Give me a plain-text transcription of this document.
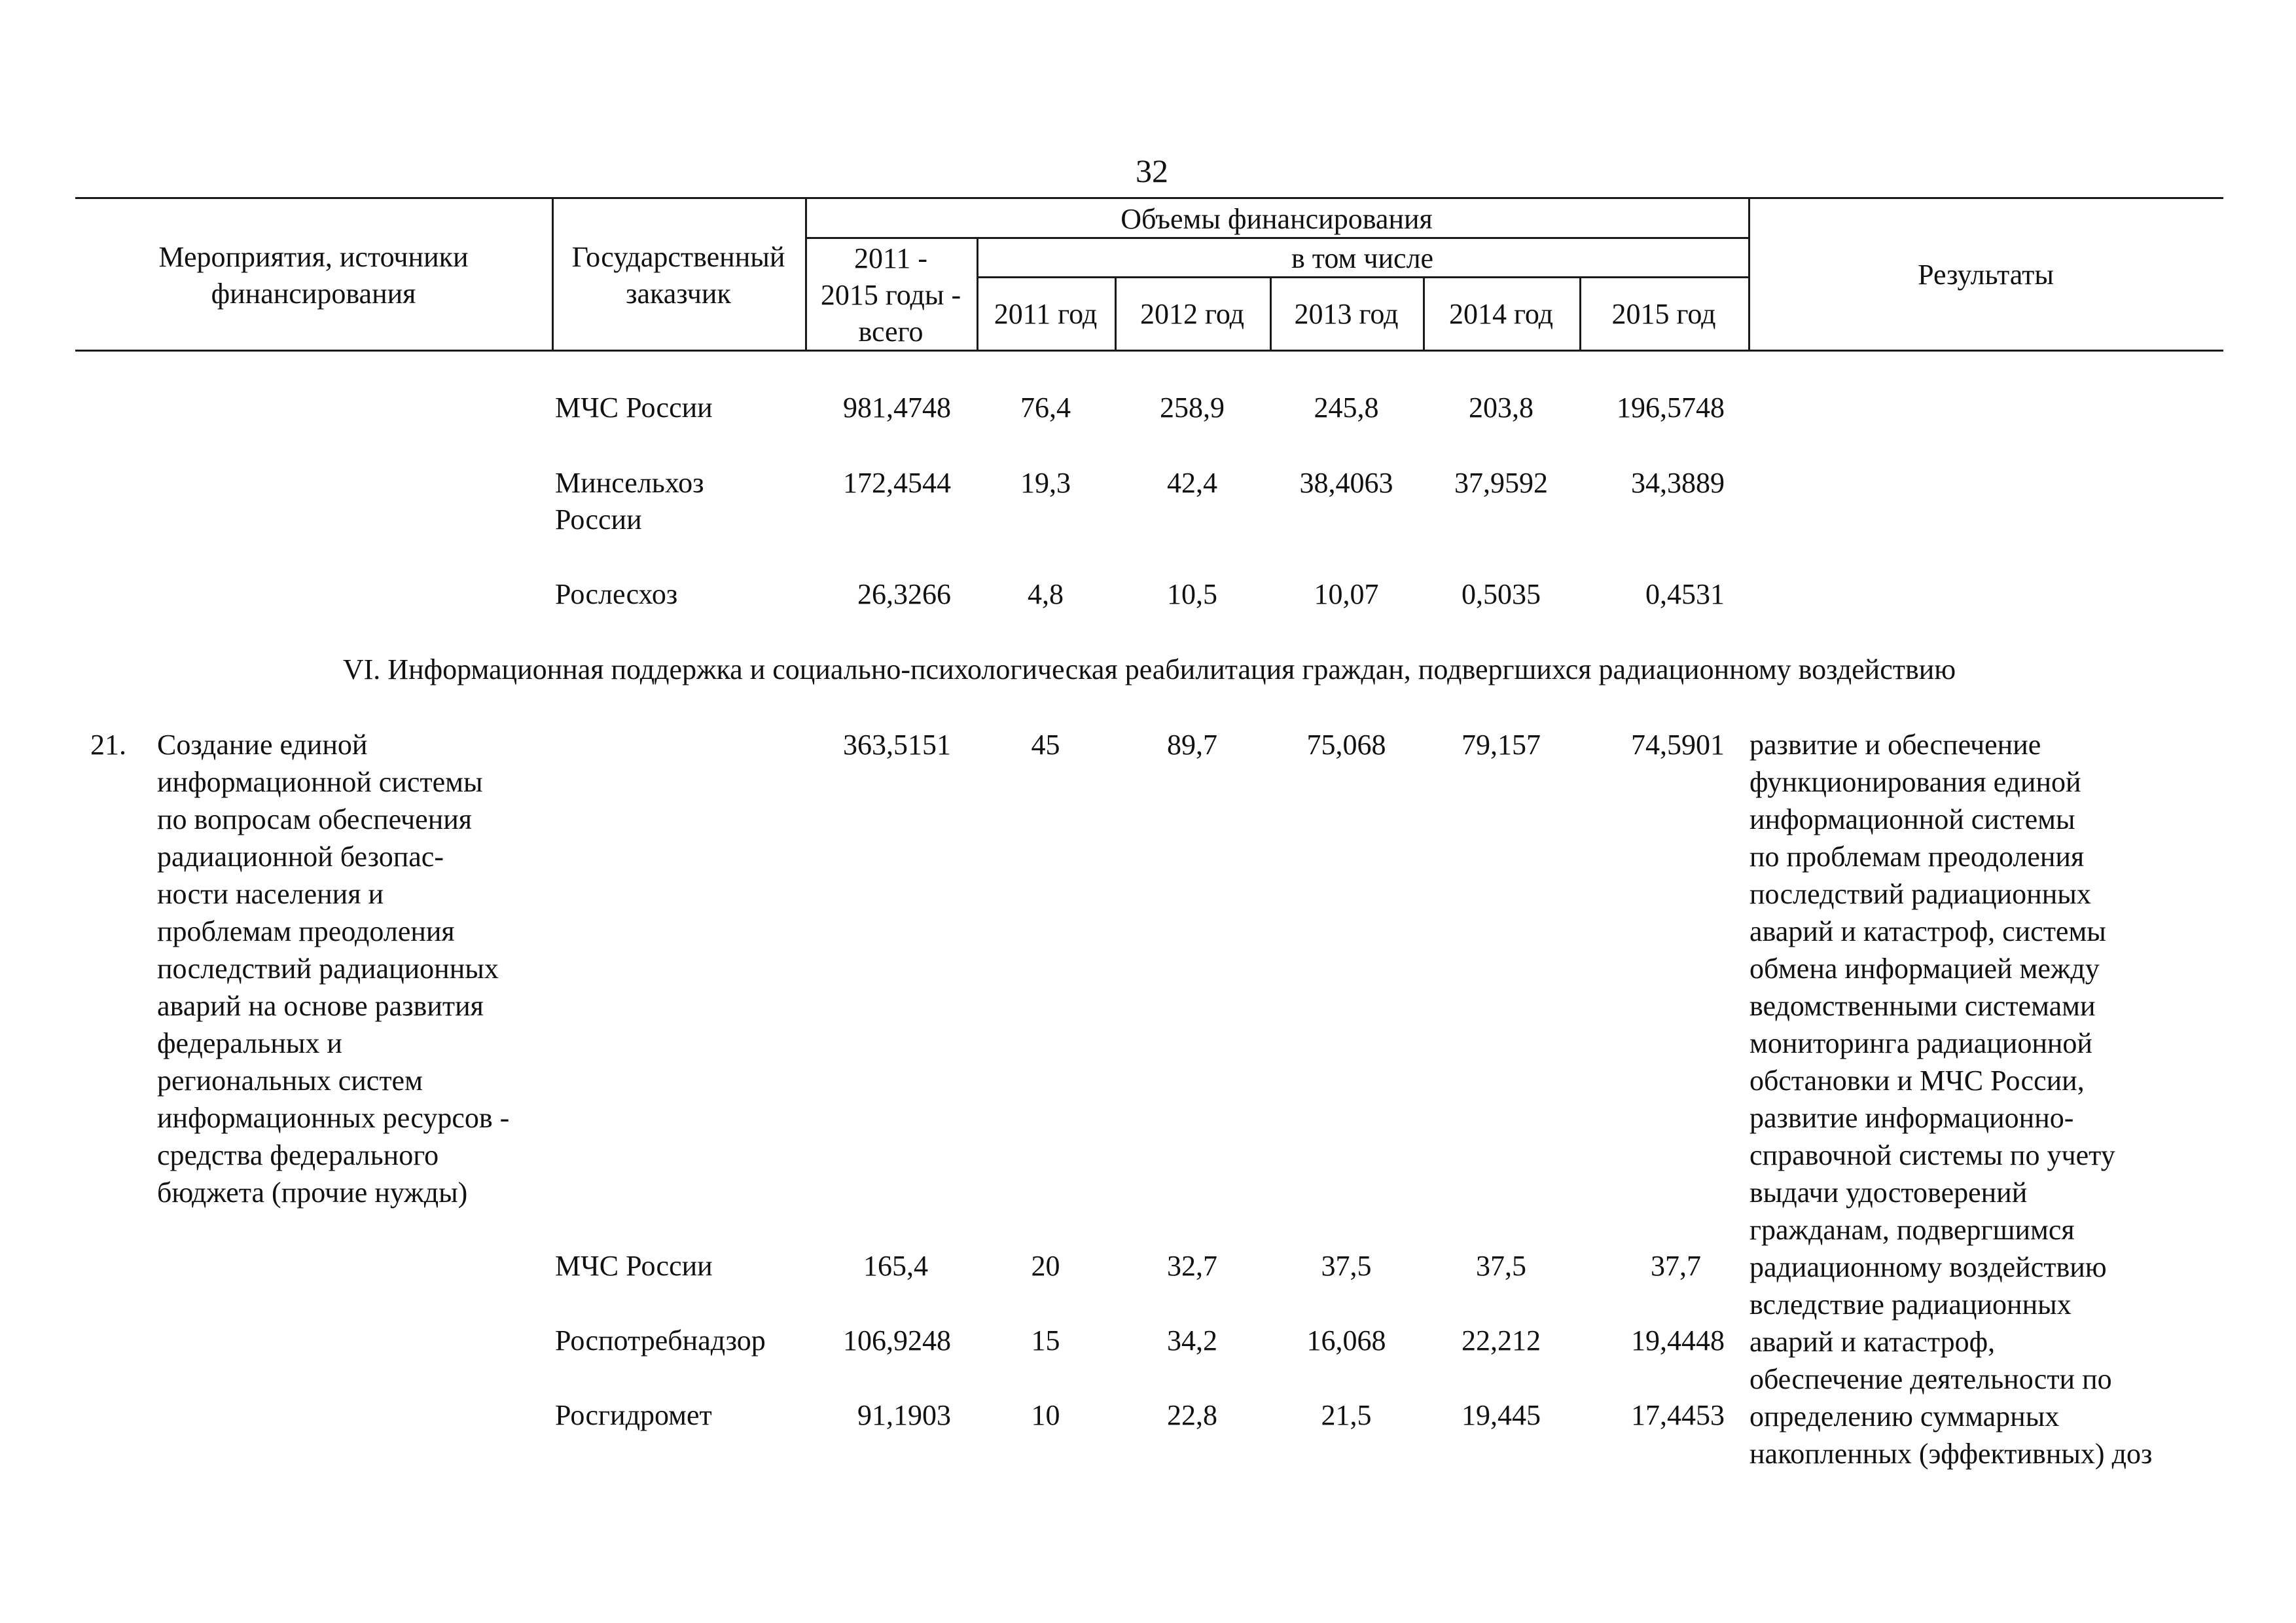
32
Мероприятия, источники
финансирования
Государственный
заказчик
Объемы финансирования
2011 -
2015 годы -
всего
в том числе
2011 год	2012 год	2013 год	2014 год	2015 год
Результаты
МЧС России	981,4748	76,4	258,9	245,8	203,8	196,5748
Минсельхоз
России
172,4544	19,3	42,4	38,4063	37,9592	34,3889
Рослесхоз	26,3266	4,8	10,5	10,07	0,5035	0,4531
VI. Информационная поддержка и социально-психологическая реабилитация граждан, подвергшихся радиационному воздействию
21. Создание единой
информационной системы
по вопросам обеспечения
радиационной безопас-
ности населения и
проблемам преодоления
последствий радиационных
аварий на основе развития
федеральных и
региональных систем
информационных ресурсов -
средства федерального
бюджета (прочие нужды)
363,5151	45	89,7	75,068	79,157	74,5901 развитие и обеспечение
функционирования единой
информационной системы
по проблемам преодоления
последствий радиационных
аварий и катастроф, системы
обмена информацией между
ведомственными системами
мониторинга радиационной
обстановки и МЧС России,
развитие информационно-
справочной системы по учету
выдачи удостоверений
гражданам, подвергшимся
радиационному воздействию
вследствие радиационных
аварий и катастроф,
обеспечение деятельности по
определению суммарных
накопленных (эффективных) доз
МЧС России	165,4	20	32,7	37,5	37,5	37,7
Роспотребнадзор	106,9248	15	34,2	16,068	22,212	19,4448
Росгидромет	91,1903	10	22,8	21,5	19,445	17,4453
